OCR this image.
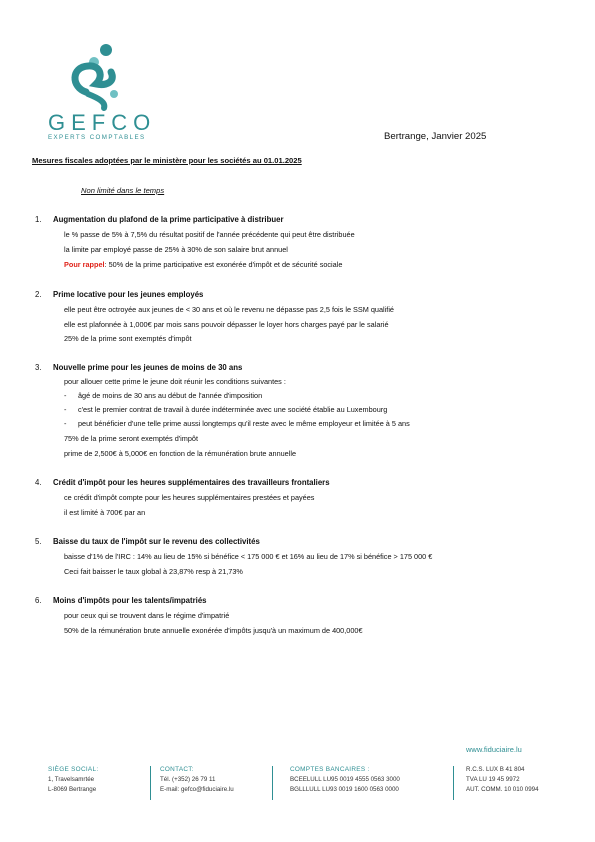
GEFCO
EXPERTS COMPTABLES	Bertrange, Janvier 2025
Mesures fiscales adoptées par le ministère pour les sociétés au 01.01.2025
Non limité dans le temps
1. Augmentation du plafond de la prime participative à distribuer
le % passe de 5% à 7,5% du résultat positif de l'année précédente qui peut être distribuée
la limite par employé passe de 25% à 30% de son salaire brut annuel
Pour rappel: 50% de la prime participative est exonérée d'impôt et de sécurité sociale
2. Prime locative pour les jeunes employés
elle peut être octroyée aux jeunes de < 30 ans et où le revenu ne dépasse pas 2,5 fois le SSM qualifié
elle est plafonnée à 1,000€ par mois sans pouvoir dépasser le loyer hors charges payé par le salarié
25% de la prime sont exemptés d'impôt
3. Nouvelle prime pour les jeunes de moins de 30 ans
pour allouer cette prime le jeune doit réunir les conditions suivantes :
- âgé de moins de 30 ans au début de l'année d'imposition
- c'est le premier contrat de travail à durée indéterminée avec une société établie au Luxembourg
- peut bénéficier d'une telle prime aussi longtemps qu'il reste avec le même employeur et limitée à 5 ans
75% de la prime seront exemptés d'impôt
prime de 2,500€ à 5,000€ en fonction de la rémunération brute annuelle
4. Crédit d'impôt pour les heures supplémentaires des travailleurs frontaliers
ce crédit d'impôt compte pour les heures supplémentaires prestées et payées
il est limité à 700€ par an
5. Baisse du taux de l'impôt sur le revenu des collectivités
baisse d'1% de l'IRC : 14% au lieu de 15% si bénéfice < 175 000 € et 16% au lieu de 17% si bénéfice > 175 000 €
Ceci fait baisser le taux global à 23,87% resp à 21,73%
6. Moins d'impôts pour les talents/impatriés
pour ceux qui se trouvent dans le régime d'impatrié
50% de la rémunération brute annuelle exonérée d'impôts jusqu'à un maximum de 400,000€
www.fiduciaire.lu
SIÈGE SOCIAL:
1, Travelsamrtée
L-8069 Bertrange
CONTACT:
Tél. (+352) 26 79 11
E-mail: gefco@fiduciaire.lu
COMPTES BANCAIRES :
BCEELULL LU95 0019 4555 0563 3000
BGLLLULL LU93 0019 1600 0563 0000
R.C.S. LUX B 41 804
TVA LU 19 45 9972
AUT. COMM. 10 010 0994
